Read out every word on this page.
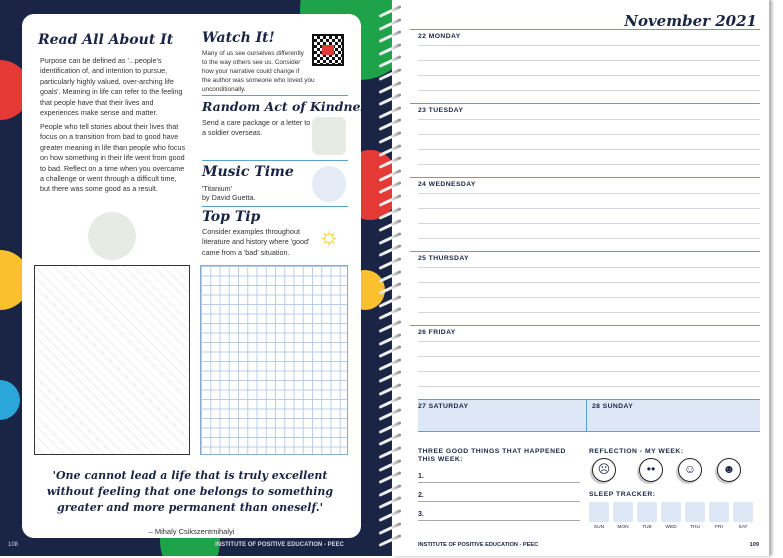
Read All About It
Purpose can be defined as '...people's identification of, and intention to pursue, particularly highly valued, over-arching life goals'. Meaning in life can refer to the feeling that people have that their lives and experiences make sense and matter.
People who tell stories about their lives that focus on a transition from bad to good have greater meaning in life than people who focus on how something in their life went from good to bad. Reflect on a time when you overcame a challenge or went through a difficult time, but there was some good as a result.
Watch It!
Many of us see ourselves differently to the way others see us. Consider how your narrative could change if the author was someone who loved you unconditionally.
Random Act of Kindness
Send a care package or a letter to a soldier overseas.
Music Time
'Titanium'
by David Guetta.
Top Tip
Consider examples throughout literature and history where 'good' came from a 'bad' situation.
☼
'One cannot lead a life that is truly excellent without feeling that one belongs to something greater and more permanent than oneself.'
– Mihaly Csikszentmihalyi
108	INSTITUTE OF POSITIVE EDUCATION - PEEC
November 2021
22 MONDAY
23 TUESDAY
24 WEDNESDAY
25 THURSDAY
26 FRIDAY
27 SATURDAY	28 SUNDAY
THREE GOOD THINGS THAT HAPPENED THIS WEEK:
1.
2.
3.
REFLECTION - MY WEEK:
☹	••	☺	☻
SLEEP TRACKER:
SUN	MON	TUE	WED	THU	FRI	SAT
INSTITUTE OF POSITIVE EDUCATION - PEEC	109
